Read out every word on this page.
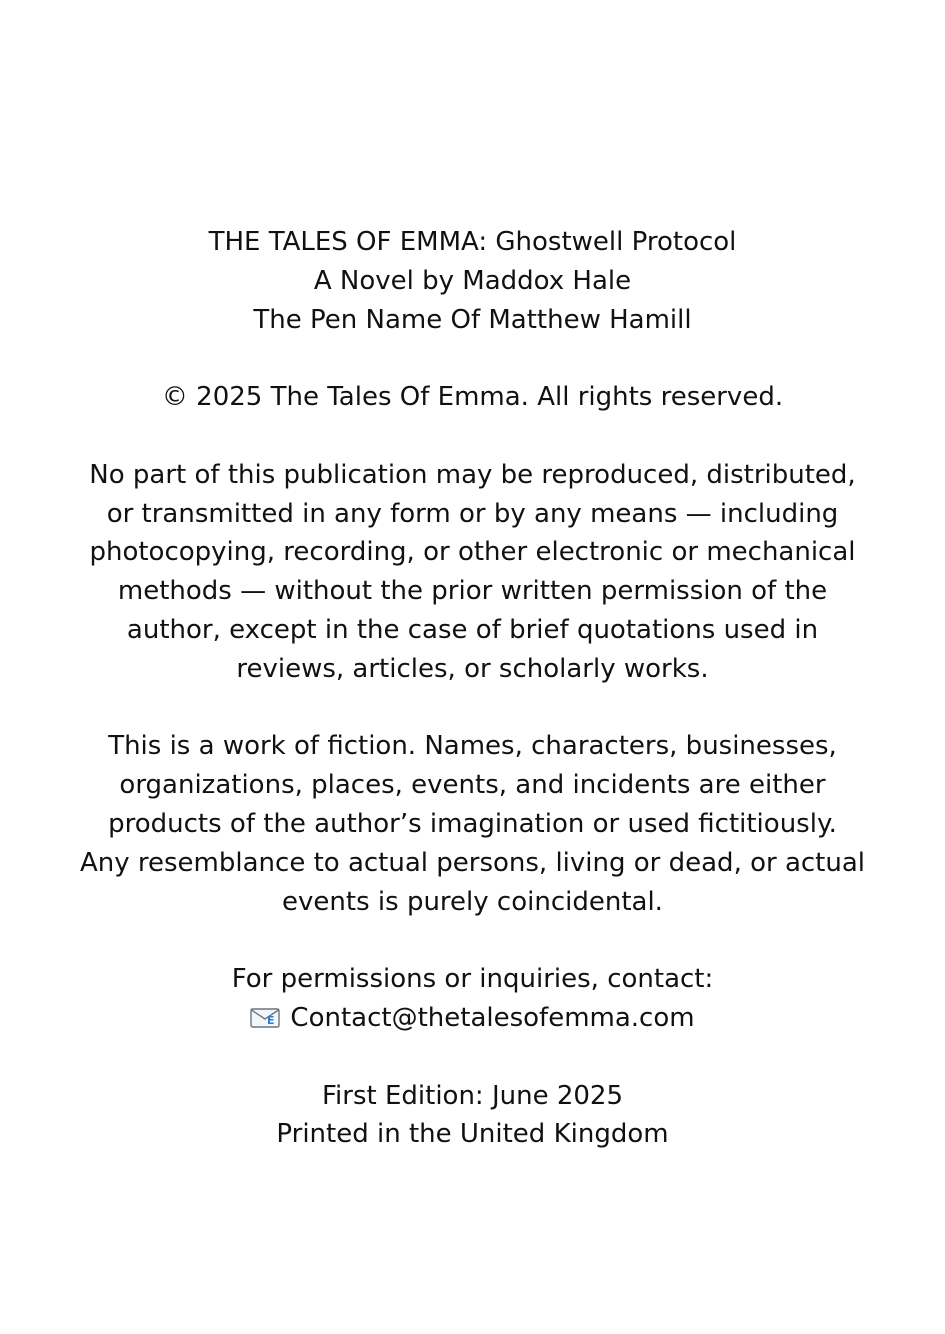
THE TALES OF EMMA: Ghostwell Protocol
A Novel by Maddox Hale
The Pen Name Of Matthew Hamill
© 2025 The Tales Of Emma. All rights reserved.
No part of this publication may be reproduced, distributed,
or transmitted in any form or by any means — including
photocopying, recording, or other electronic or mechanical
methods — without the prior written permission of the
author, except in the case of brief quotations used in
reviews, articles, or scholarly works.
This is a work of fiction. Names, characters, businesses,
organizations, places, events, and incidents are either
products of the author’s imagination or used fictitiously.
Any resemblance to actual persons, living or dead, or actual
events is purely coincidental.
For permissions or inquiries, contact:
E Contact@thetalesofemma.com
First Edition: June 2025
Printed in the United Kingdom
